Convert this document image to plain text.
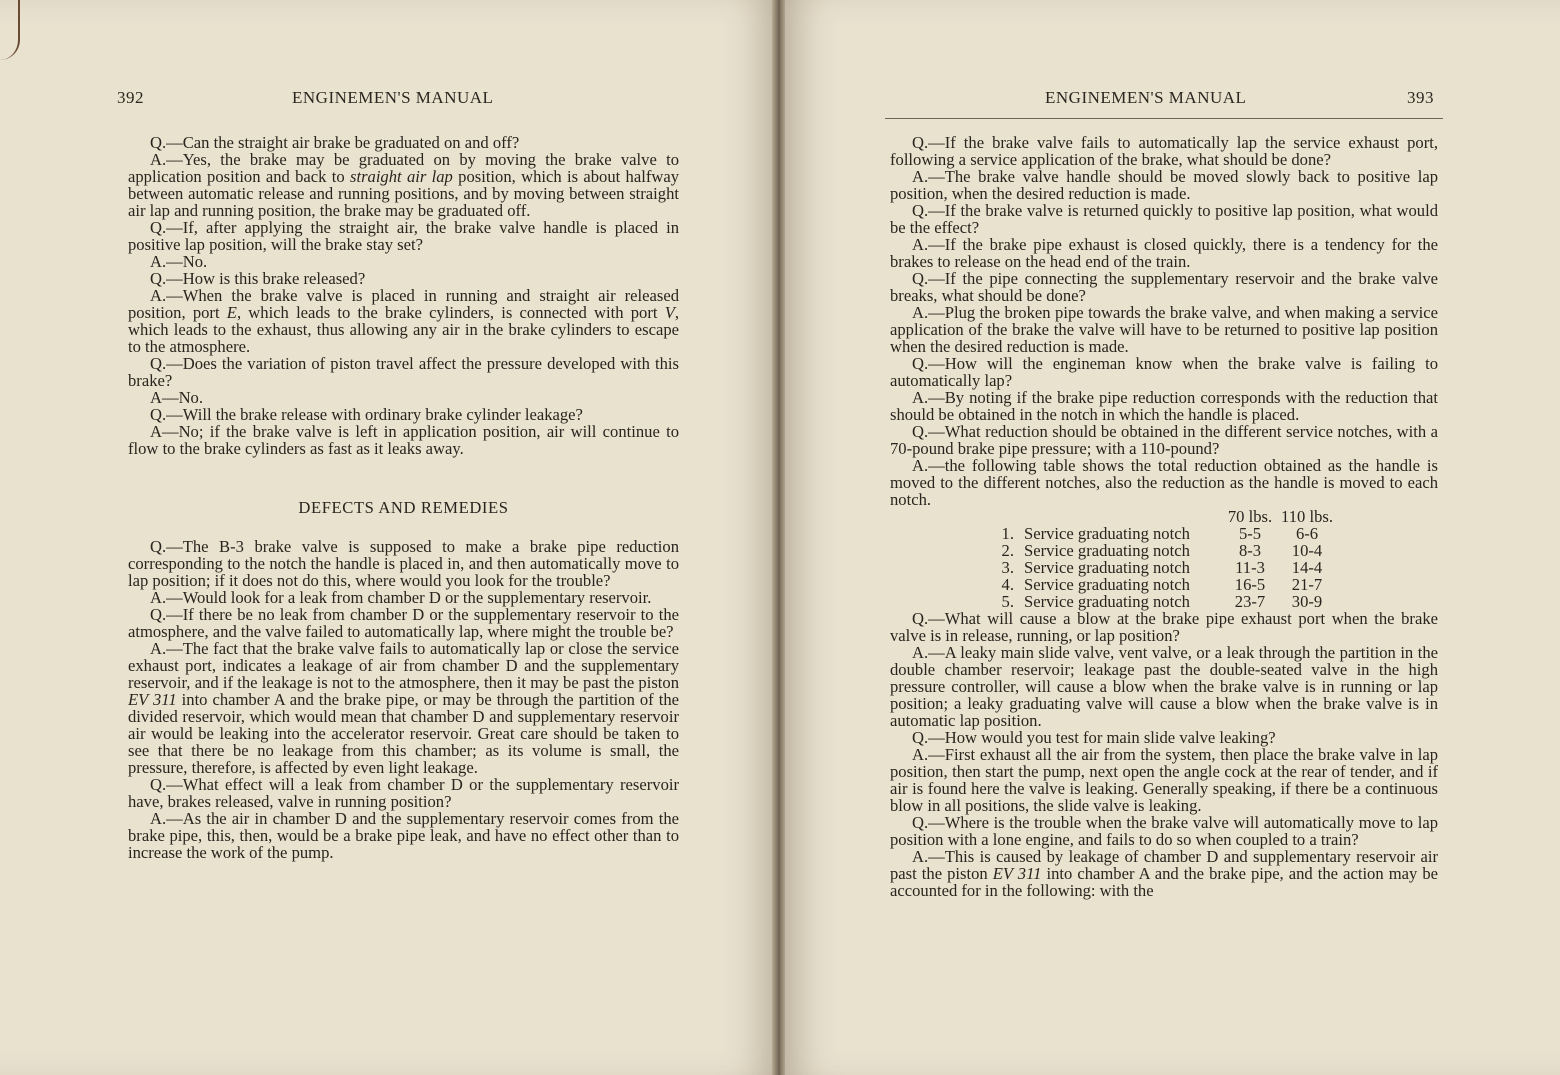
392	ENGINEMEN'S MANUAL

Q.—Can the straight air brake be graduated on and off?

A.—Yes, the brake may be graduated on by moving the brake valve to application position and back to straight air lap position, which is about halfway between automatic release and running positions, and by moving between straight air lap and running position, the brake may be graduated off.

Q.—If, after applying the straight air, the brake valve handle is placed in positive lap position, will the brake stay set?

A.—No.

Q.—How is this brake released?

A.—When the brake valve is placed in running and straight air released position, port E, which leads to the brake cylinders, is connected with port V, which leads to the exhaust, thus allowing any air in the brake cylinders to escape to the atmosphere.

Q.—Does the variation of piston travel affect the pressure developed with this brake?

A—No.

Q.—Will the brake release with ordinary brake cylinder leakage?

A—No; if the brake valve is left in application position, air will continue to flow to the brake cylinders as fast as it leaks away.

DEFECTS AND REMEDIES

Q.—The B-3 brake valve is supposed to make a brake pipe reduction corresponding to the notch the handle is placed in, and then automatically move to lap position; if it does not do this, where would you look for the trouble?

A.—Would look for a leak from chamber D or the supplementary reservoir.

Q.—If there be no leak from chamber D or the supplementary reservoir to the atmosphere, and the valve failed to automatically lap, where might the trouble be?

A.—The fact that the brake valve fails to automatically lap or close the service exhaust port, indicates a leakage of air from chamber D and the supplementary reservoir, and if the leakage is not to the atmosphere, then it may be past the piston EV 311 into chamber A and the brake pipe, or may be through the partition of the divided reservoir, which would mean that chamber D and supplementary reservoir air would be leaking into the accelerator reservoir. Great care should be taken to see that there be no leakage from this chamber; as its volume is small, the pressure, therefore, is affected by even light leakage.

Q.—What effect will a leak from chamber D or the supplementary reservoir have, brakes released, valve in running position?

A.—As the air in chamber D and the supplementary reservoir comes from the brake pipe, this, then, would be a brake pipe leak, and have no effect other than to increase the work of the pump.

ENGINEMEN'S MANUAL	393

Q.—If the brake valve fails to automatically lap the service exhaust port, following a service application of the brake, what should be done?

A.—The brake valve handle should be moved slowly back to positive lap position, when the desired reduction is made.

Q.—If the brake valve is returned quickly to positive lap position, what would be the effect?

A.—If the brake pipe exhaust is closed quickly, there is a tendency for the brakes to release on the head end of the train.

Q.—If the pipe connecting the supplementary reservoir and the brake valve breaks, what should be done?

A.—Plug the broken pipe towards the brake valve, and when making a service application of the brake the valve will have to be returned to positive lap position when the desired reduction is made.

Q.—How will the engineman know when the brake valve is failing to automatically lap?

A.—By noting if the brake pipe reduction corresponds with the reduction that should be obtained in the notch in which the handle is placed.

Q.—What reduction should be obtained in the different service notches, with a 70-pound brake pipe pressure; with a 110-pound?

A.—the following table shows the total reduction obtained as the handle is moved to the different notches, also the reduction as the handle is moved to each notch.

		70 lbs.	110 lbs.
1.	Service graduating notch	5-5	6-6
2.	Service graduating notch	8-3	10-4
3.	Service graduating notch	11-3	14-4
4.	Service graduating notch	16-5	21-7
5.	Service graduating notch	23-7	30-9

Q.—What will cause a blow at the brake pipe exhaust port when the brake valve is in release, running, or lap position?

A.—A leaky main slide valve, vent valve, or a leak through the partition in the double chamber reservoir; leakage past the double-seated valve in the high pressure controller, will cause a blow when the brake valve is in running or lap position; a leaky graduating valve will cause a blow when the brake valve is in automatic lap position.

Q.—How would you test for main slide valve leaking?

A.—First exhaust all the air from the system, then place the brake valve in lap position, then start the pump, next open the angle cock at the rear of tender, and if air is found here the valve is leaking. Generally speaking, if there be a continuous blow in all positions, the slide valve is leaking.

Q.—Where is the trouble when the brake valve will automatically move to lap position with a lone engine, and fails to do so when coupled to a train?

A.—This is caused by leakage of chamber D and supplementary reservoir air past the piston EV 311 into chamber A and the brake pipe, and the action may be accounted for in the following: with the
